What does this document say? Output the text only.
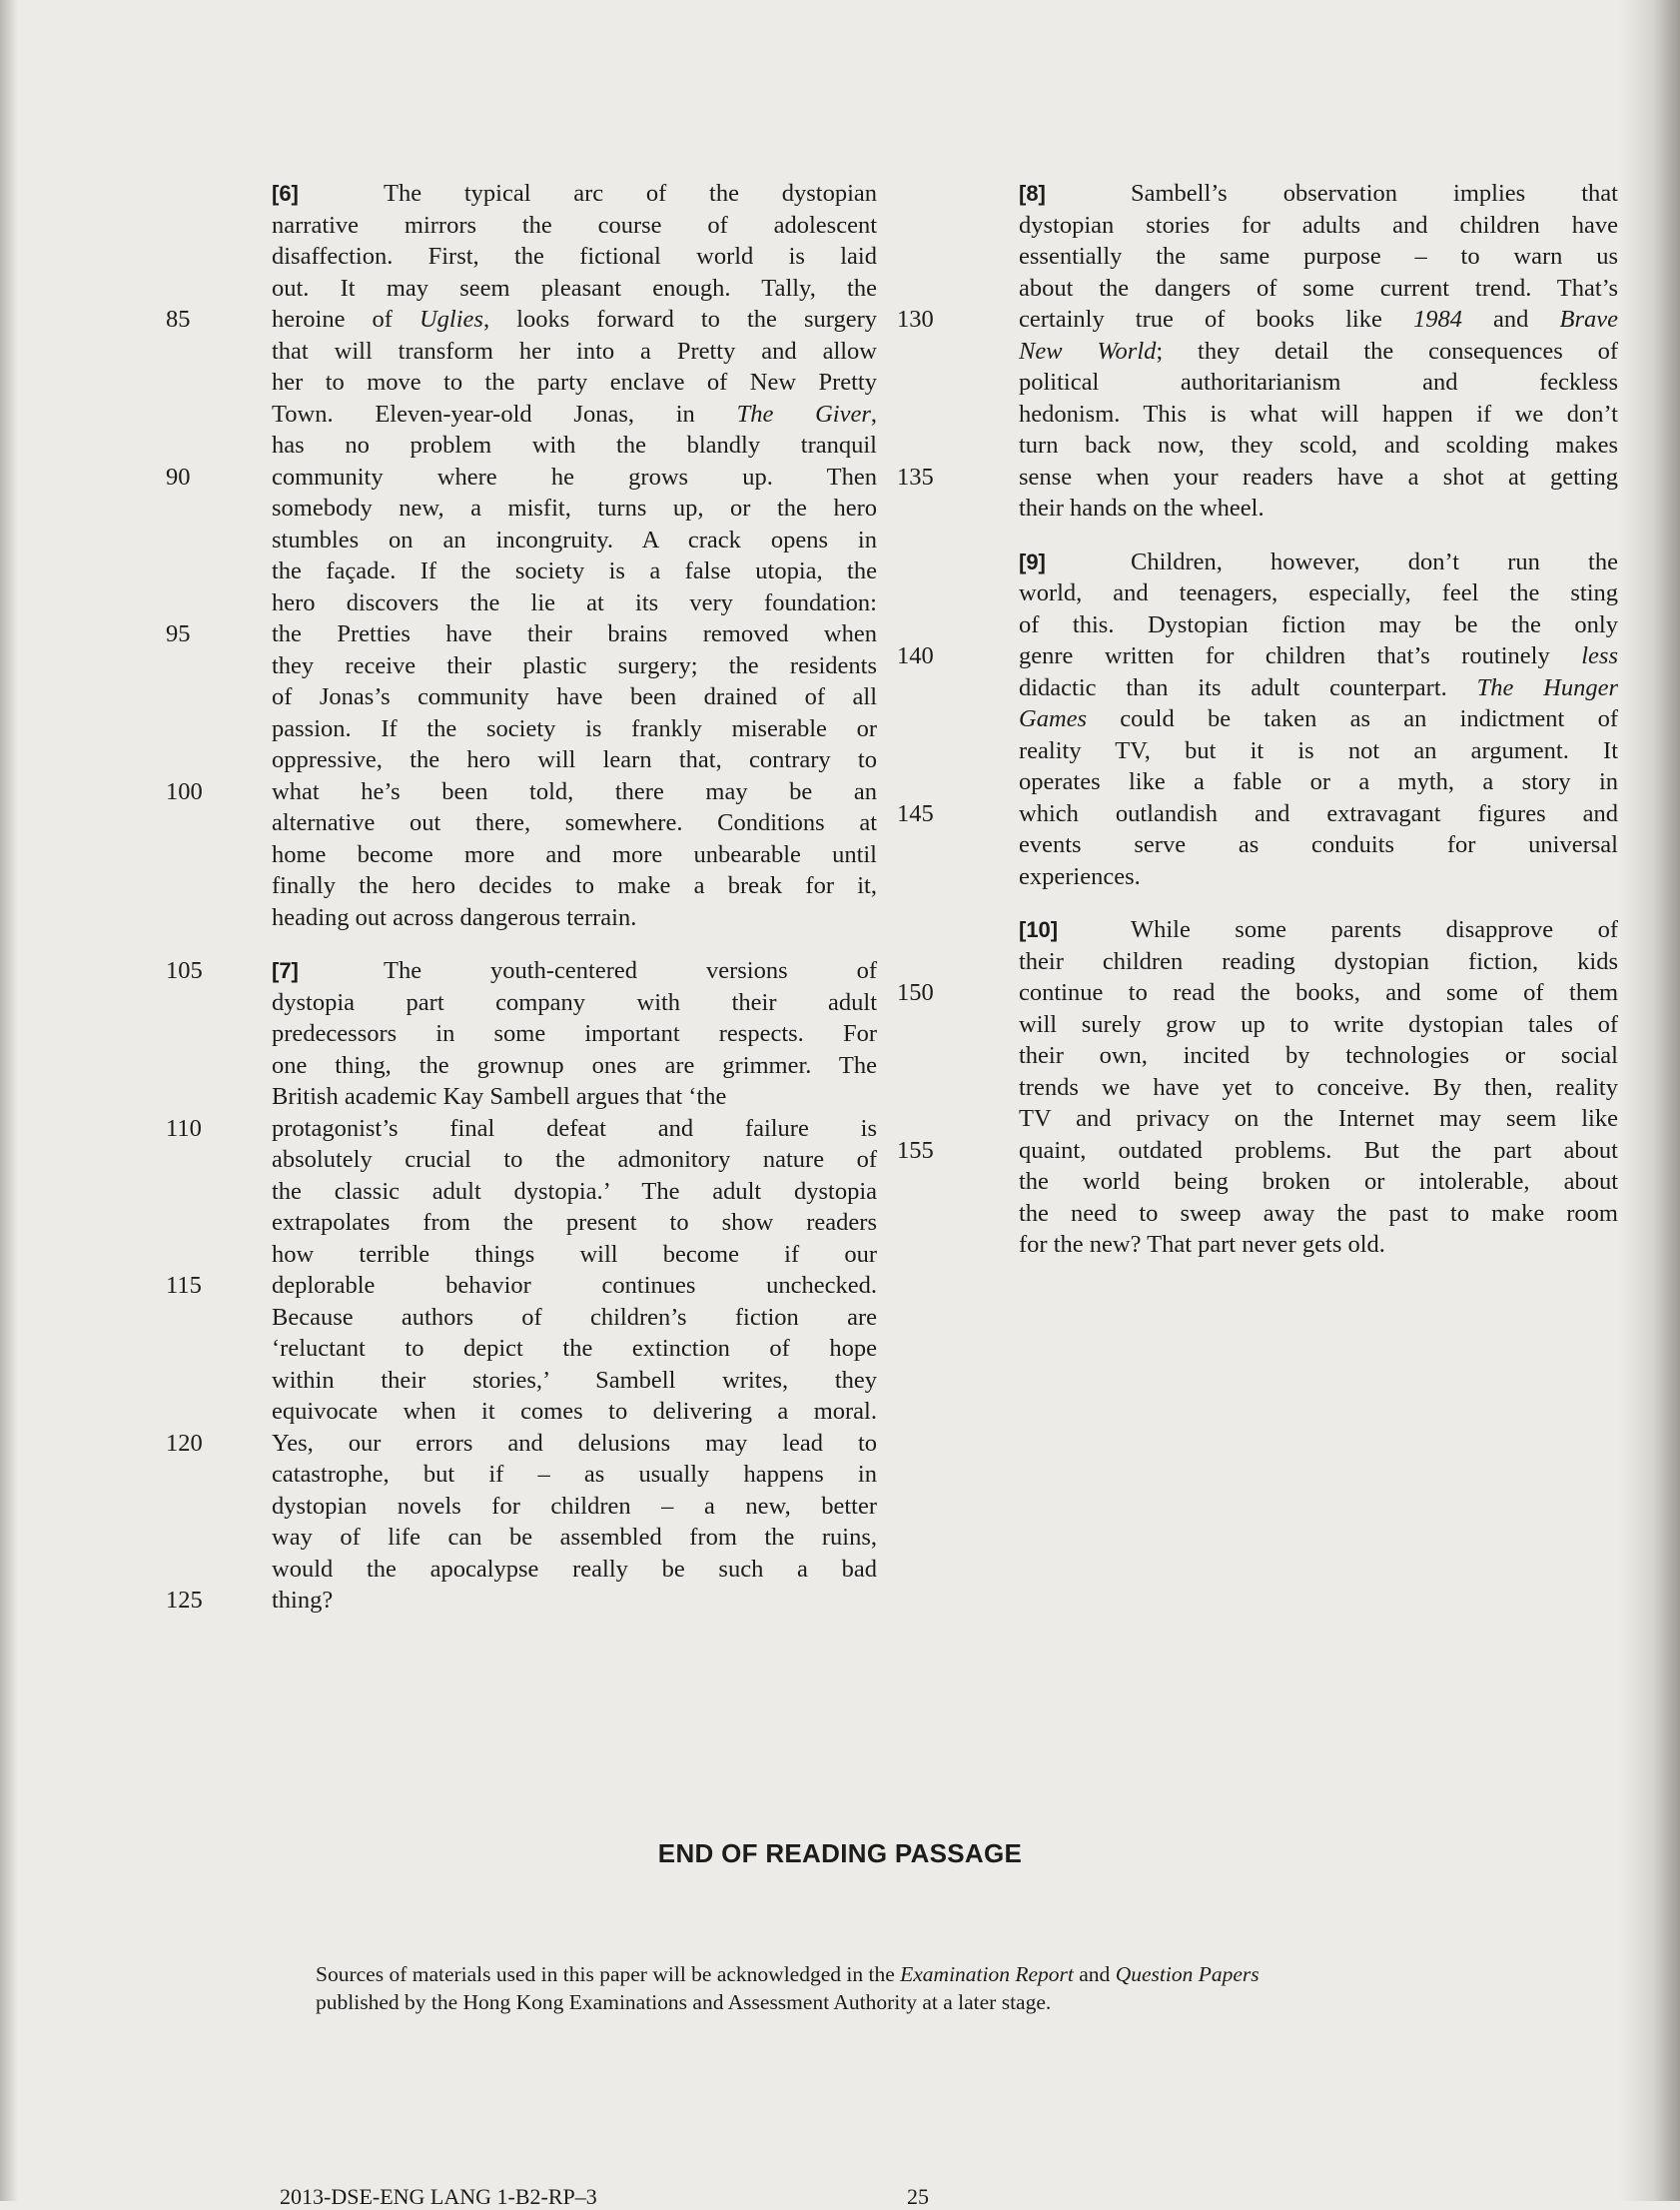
[6]	The typical arc of the dystopian
narrative mirrors the course of adolescent
disaffection. First, the fictional world is laid
out. It may seem pleasant enough. Tally, the
85	heroine of Uglies, looks forward to the surgery
that will transform her into a Pretty and allow
her to move to the party enclave of New Pretty
Town. Eleven-year-old Jonas, in The Giver,
has no problem with the blandly tranquil
90	community where he grows up. Then
somebody new, a misfit, turns up, or the hero
stumbles on an incongruity. A crack opens in
the façade. If the society is a false utopia, the
hero discovers the lie at its very foundation:
95	the Pretties have their brains removed when
they receive their plastic surgery; the residents
of Jonas’s community have been drained of all
passion. If the society is frankly miserable or
oppressive, the hero will learn that, contrary to
100	what he’s been told, there may be an
alternative out there, somewhere. Conditions at
home become more and more unbearable until
finally the hero decides to make a break for it,
heading out across dangerous terrain.
105	[7]	The youth-centered versions of
dystopia part company with their adult
predecessors in some important respects. For
one thing, the grownup ones are grimmer. The
British academic Kay Sambell argues that ‘the
110	protagonist’s final defeat and failure is
absolutely crucial to the admonitory nature of
the classic adult dystopia.’ The adult dystopia
extrapolates from the present to show readers
how terrible things will become if our
115	deplorable behavior continues unchecked.
Because authors of children’s fiction are
‘reluctant to depict the extinction of hope
within their stories,’ Sambell writes, they
equivocate when it comes to delivering a moral.
120	Yes, our errors and delusions may lead to
catastrophe, but if – as usually happens in
dystopian novels for children – a new, better
way of life can be assembled from the ruins,
would the apocalypse really be such a bad
125	thing?
[8]	Sambell’s observation implies that
dystopian stories for adults and children have
essentially the same purpose – to warn us
about the dangers of some current trend. That’s
130	certainly true of books like 1984 and Brave
New World; they detail the consequences of
political authoritarianism and feckless
hedonism. This is what will happen if we don’t
turn back now, they scold, and scolding makes
135	sense when your readers have a shot at getting
their hands on the wheel.
[9]	Children, however, don’t run the
world, and teenagers, especially, feel the sting
of this. Dystopian fiction may be the only
140	genre written for children that’s routinely less
didactic than its adult counterpart. The Hunger
Games could be taken as an indictment of
reality TV, but it is not an argument. It
operates like a fable or a myth, a story in
145	which outlandish and extravagant figures and
events serve as conduits for universal
experiences.
[10]	While some parents disapprove of
their children reading dystopian fiction, kids
150	continue to read the books, and some of them
will surely grow up to write dystopian tales of
their own, incited by technologies or social
trends we have yet to conceive. By then, reality
TV and privacy on the Internet may seem like
155	quaint, outdated problems. But the part about
the world being broken or intolerable, about
the need to sweep away the past to make room
for the new? That part never gets old.
END OF READING PASSAGE
Sources of materials used in this paper will be acknowledged in the Examination Report and Question Papers
published by the Hong Kong Examinations and Assessment Authority at a later stage.
2013-DSE-ENG LANG 1-B2-RP–3	25
